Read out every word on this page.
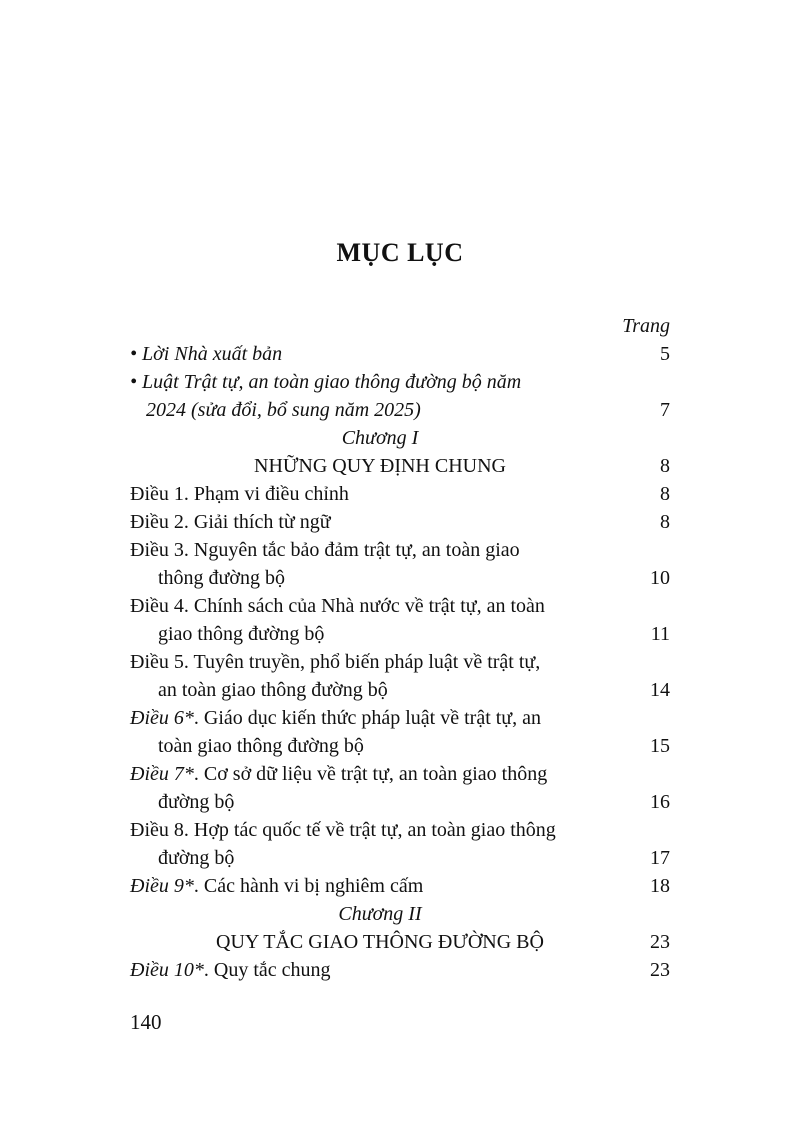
MỤC LỤC
Trang
• Lời Nhà xuất bản	5
• Luật Trật tự, an toàn giao thông đường bộ năm
2024 (sửa đổi, bổ sung năm 2025)	7
Chương I
NHỮNG QUY ĐỊNH CHUNG	8
Điều 1. Phạm vi điều chỉnh	8
Điều 2. Giải thích từ ngữ	8
Điều 3. Nguyên tắc bảo đảm trật tự, an toàn giao
thông đường bộ	10
Điều 4. Chính sách của Nhà nước về trật tự, an toàn
giao thông đường bộ	11
Điều 5. Tuyên truyền, phổ biến pháp luật về trật tự,
an toàn giao thông đường bộ	14
Điều 6*. Giáo dục kiến thức pháp luật về trật tự, an
toàn giao thông đường bộ	15
Điều 7*. Cơ sở dữ liệu về trật tự, an toàn giao thông
đường bộ	16
Điều 8. Hợp tác quốc tế về trật tự, an toàn giao thông
đường bộ	17
Điều 9*. Các hành vi bị nghiêm cấm	18
Chương II
QUY TẮC GIAO THÔNG ĐƯỜNG BỘ	23
Điều 10*. Quy tắc chung	23
140
